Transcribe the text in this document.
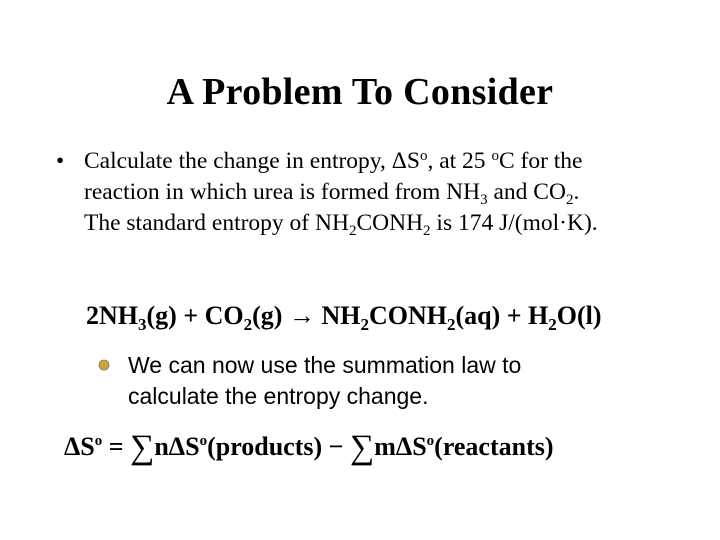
A Problem To Consider
• Calculate the change in entropy, $\Delta S^o$, at 25 $^o$C for the
reaction in which urea is formed from $NH_3$ and $CO_2$.
The standard entropy of $NH_2CONH_2$ is 174 J/(mol·K).
$2NH_3(g) + CO_2(g)$ → $NH_2CONH_2(aq) + H_2O(l)$
We can now use the summation law to
calculate the entropy change.
$\Delta S^o$ = ∑nΔS$^o$(products) − ∑mΔS$^o$(reactants)
